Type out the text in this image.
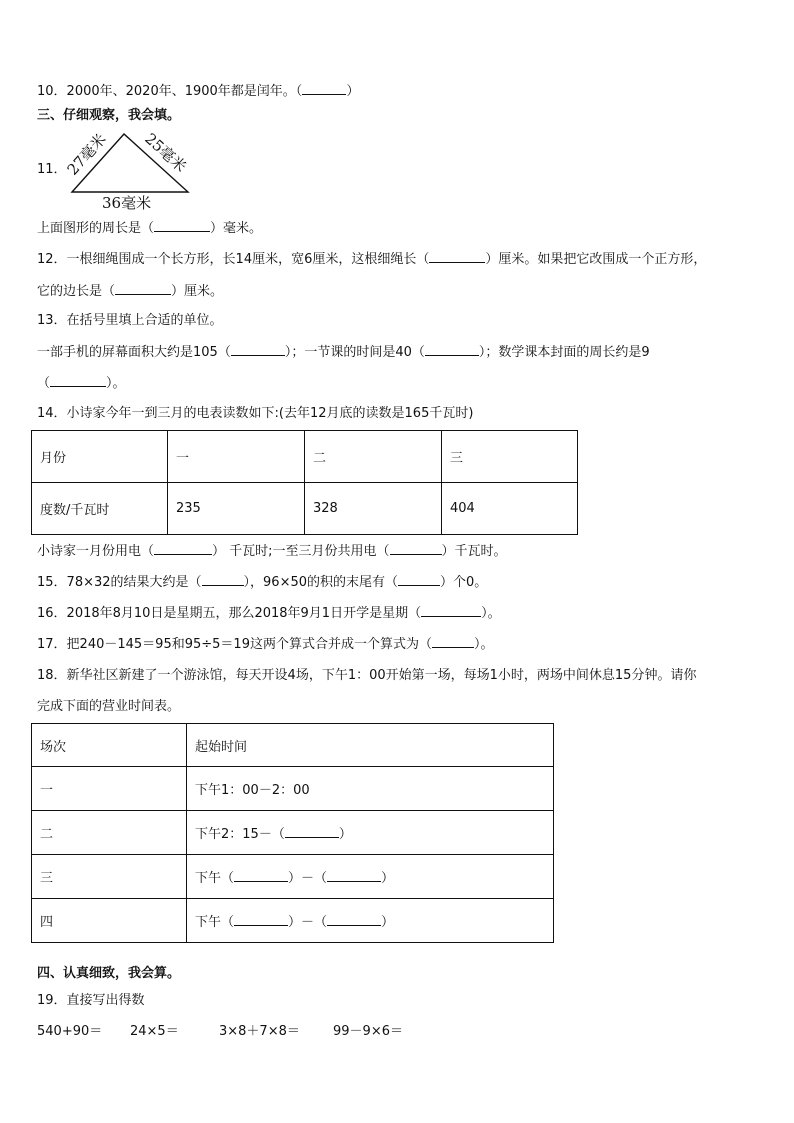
10．2000年、2020年、1900年都是闰年。（	）
三、仔细观察，我会填。
11．
27毫米 25毫米
36毫米
上面图形的周长是（	）毫米。
12．一根细绳围成一个长方形，长14厘米，宽6厘米，这根细绳长（	）厘米。如果把它改围成一个正方形，
它的边长是（	）厘米。
13．在括号里填上合适的单位。
一部手机的屏幕面积大约是105（	）；一节课的时间是40（	）；数学课本封面的周长约是9
（	）。
14．小诗家今年一到三月的电表读数如下:(去年12月底的读数是165千瓦时)
月份	一	二	三
度数/千瓦时	235	328	404
小诗家一月份用电（	） 千瓦时;一至三月份共用电（	）千瓦时。
15．78×32的结果大约是（	），96×50的积的末尾有（	）个0。
16．2018年8月10日是星期五，那么2018年9月1日开学是星期（	）。
17．把240－145＝95和95÷5＝19这两个算式合并成一个算式为（	）。
18．新华社区新建了一个游泳馆，每天开设4场，下午1：00开始第一场，每场1小时，两场中间休息15分钟。请你
完成下面的营业时间表。
场次	起始时间
一	下午1：00－2：00
二	下午2：15－（ ）
三	下午（ ）－（ ）
四	下午（ ）－（ ）
四、认真细致，我会算。
19．直接写出得数
540+90＝ 24×5＝	3×8＋7×8＝	99－9×6＝
